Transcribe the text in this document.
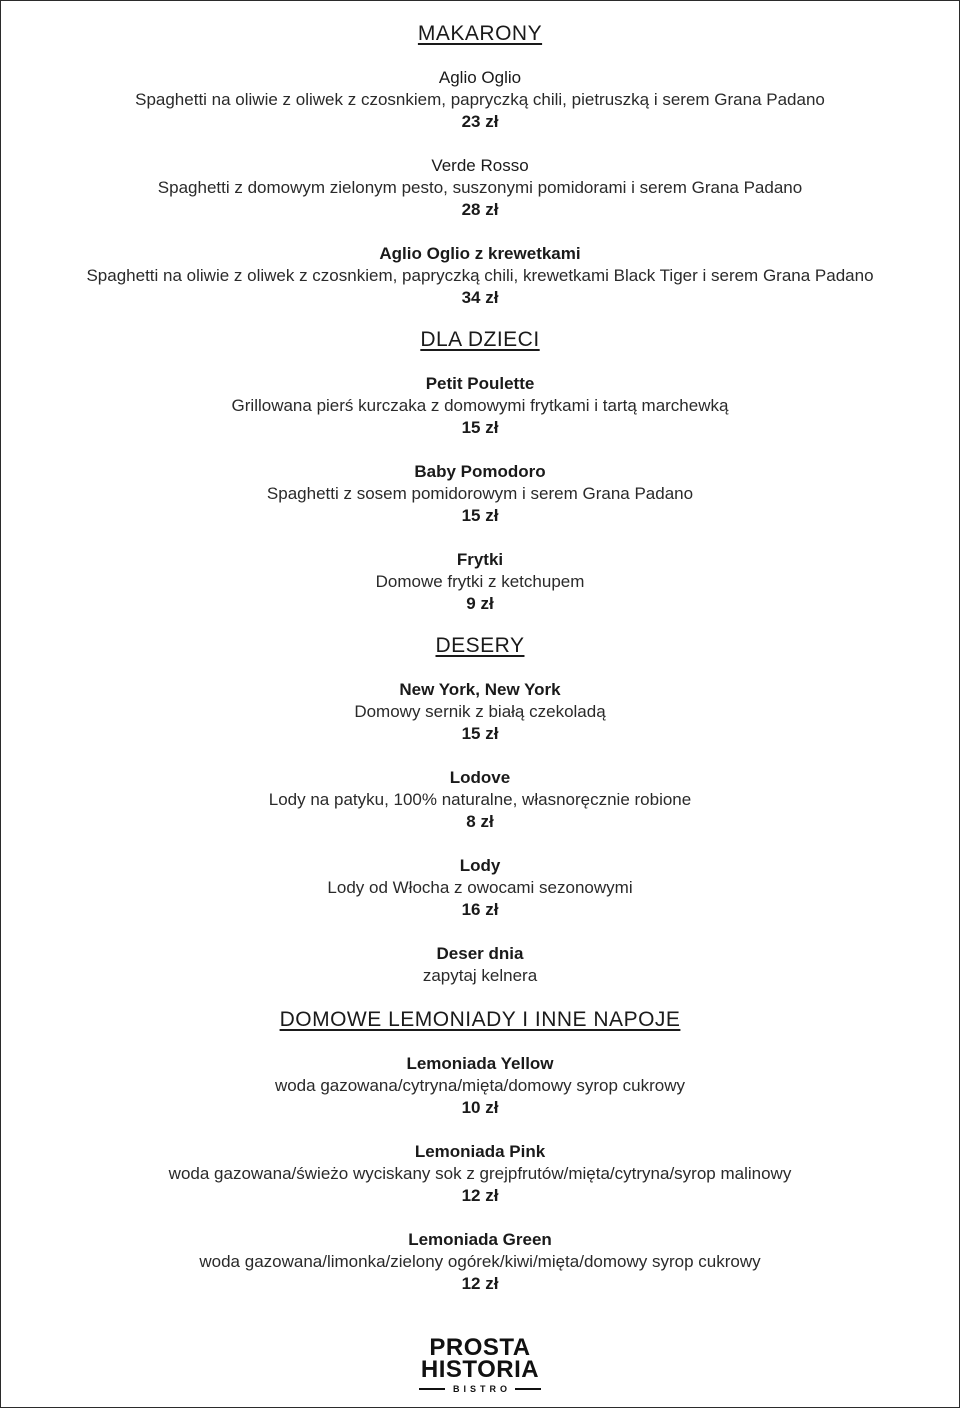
MAKARONY
Aglio Oglio
Spaghetti na oliwie z oliwek z czosnkiem, papryczką chili, pietruszką i serem Grana Padano
23 zł
Verde Rosso
Spaghetti z domowym zielonym pesto, suszonymi pomidorami i serem Grana Padano
28 zł
Aglio Oglio z krewetkami
Spaghetti na oliwie z oliwek z czosnkiem, papryczką chili, krewetkami Black Tiger i serem Grana Padano
34 zł
DLA DZIECI
Petit Poulette
Grillowana pierś kurczaka z domowymi frytkami i tartą marchewką
15 zł
Baby Pomodoro
Spaghetti z sosem pomidorowym i serem Grana Padano
15 zł
Frytki
Domowe frytki z ketchupem
9 zł
DESERY
New York, New York
Domowy sernik z białą czekoladą
15 zł
Lodove
Lody na patyku, 100% naturalne, własnoręcznie robione
8 zł
Lody
Lody od Włocha z owocami sezonowymi
16 zł
Deser dnia
zapytaj kelnera
DOMOWE LEMONIADY I INNE NAPOJE
Lemoniada Yellow
woda gazowana/cytryna/mięta/domowy syrop cukrowy
10 zł
Lemoniada Pink
woda gazowana/świeżo wyciskany sok z grejpfrutów/mięta/cytryna/syrop malinowy
12 zł
Lemoniada Green
woda gazowana/limonka/zielony ogórek/kiwi/mięta/domowy syrop cukrowy
12 zł
PROSTA
HISTORIA
BISTRO
